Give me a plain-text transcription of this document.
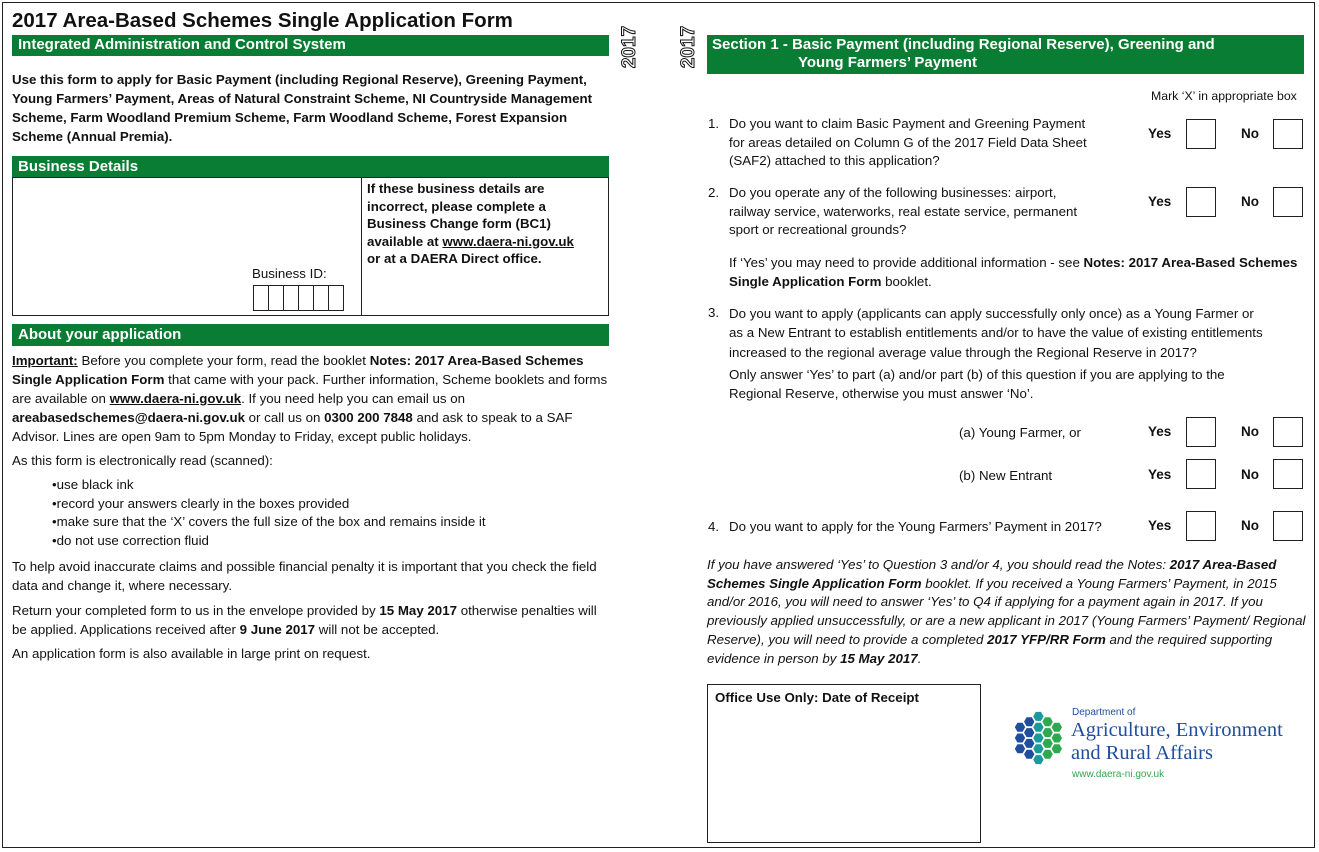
2017 Area-Based Schemes Single Application Form
Integrated Administration and Control System	2017 2017
Use this form to apply for Basic Payment (including Regional Reserve), Greening Payment, Young Farmers’ Payment, Areas of Natural Constraint Scheme, NI Countryside Management Scheme, Farm Woodland Premium Scheme, Farm Woodland Scheme, Forest Expansion Scheme (Annual Premia).
Business Details
Business ID:
If these business details are
incorrect, please complete a
Business Change form (BC1)
available at www.daera-ni.gov.uk
or at a DAERA Direct office.
About your application
Important: Before you complete your form, read the booklet Notes: 2017 Area-Based Schemes Single Application Form that came with your pack. Further information, Scheme booklets and forms are available on www.daera-ni.gov.uk. If you need help you can email us on areabasedschemes@daera-ni.gov.uk or call us on 0300 200 7848 and ask to speak to a SAF Advisor. Lines are open 9am to 5pm Monday to Friday, except public holidays.
As this form is electronically read (scanned):
• use black ink
• record your answers clearly in the boxes provided
• make sure that the ‘X’ covers the full size of the box and remains inside it
• do not use correction fluid
To help avoid inaccurate claims and possible financial penalty it is important that you check the field data and change it, where necessary.
Return your completed form to us in the envelope provided by 15 May 2017 otherwise penalties will be applied. Applications received after 9 June 2017 will not be accepted.
An application form is also available in large print on request.
Section 1 - Basic Payment (including Regional Reserve), Greening and
Young Farmers’ Payment
Mark ‘X’ in appropriate box
1. Do you want to claim Basic Payment and Greening Payment
for areas detailed on Column G of the 2017 Field Data Sheet
(SAF2) attached to this application?
Yes	No
2. Do you operate any of the following businesses: airport,
railway service, waterworks, real estate service, permanent
sport or recreational grounds?
Yes	No
If ‘Yes’ you may need to provide additional information - see Notes: 2017 Area-Based Schemes Single Application Form booklet.
3. Do you want to apply (applicants can apply successfully only once) as a Young Farmer or
as a New Entrant to establish entitlements and/or to have the value of existing entitlements
increased to the regional average value through the Regional Reserve in 2017?
Only answer ‘Yes’ to part (a) and/or part (b) of this question if you are applying to the
Regional Reserve, otherwise you must answer ‘No’.
(a) Young Farmer, or	Yes	No
(b) New Entrant	Yes	No
4. Do you want to apply for the Young Farmers’ Payment in 2017?	Yes	No
If you have answered ‘Yes’ to Question 3 and/or 4, you should read the Notes: 2017 Area-Based Schemes Single Application Form booklet. If you received a Young Farmers’ Payment, in 2015 and/or 2016, you will need to answer ‘Yes’ to Q4 if applying for a payment again in 2017. If you previously applied unsuccessfully, or are a new applicant in 2017 (Young Farmers’ Payment/ Regional Reserve), you will need to provide a completed 2017 YFP/RR Form and the required supporting evidence in person by 15 May 2017.
Office Use Only: Date of Receipt
Department of
Agriculture, Environment
and Rural Affairs
www.daera-ni.gov.uk
